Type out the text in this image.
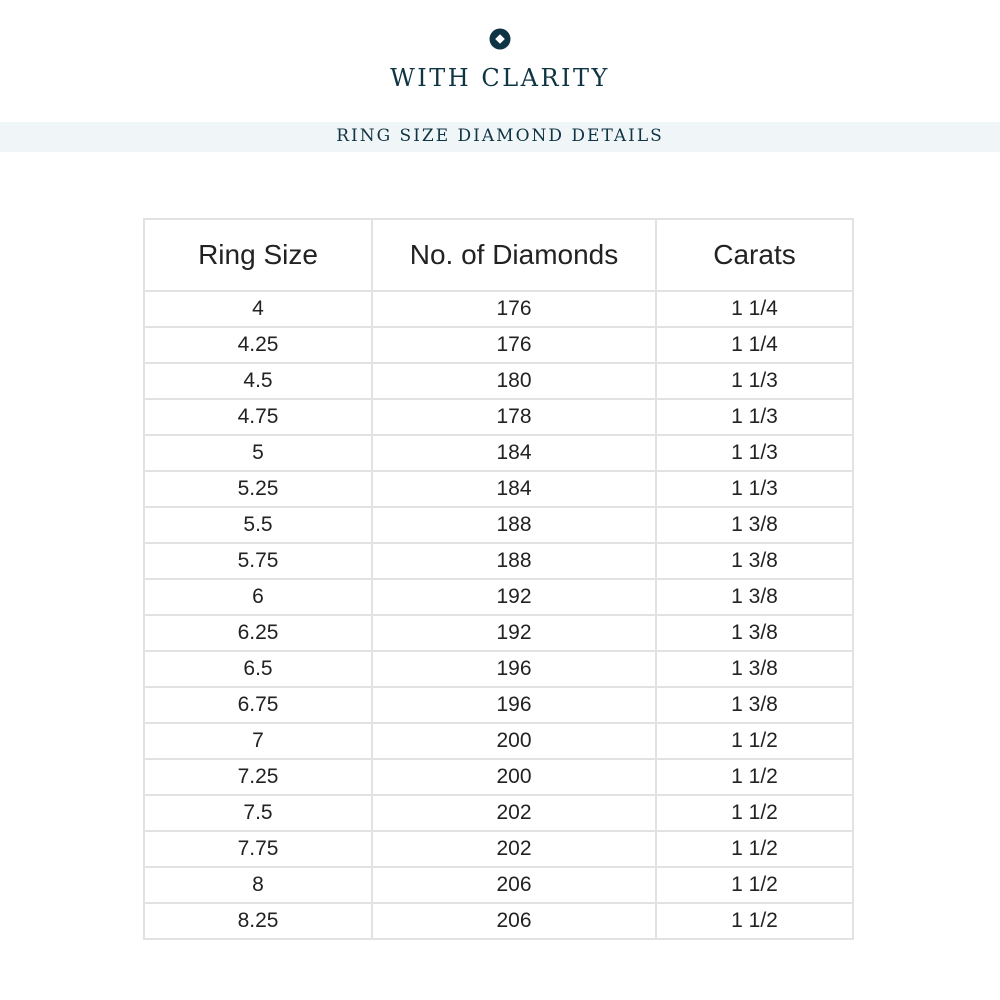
WITH CLARITY
RING SIZE DIAMOND DETAILS
Ring Size	No. of Diamonds	Carats
4	176	1 1/4
4.25	176	1 1/4
4.5	180	1 1/3
4.75	178	1 1/3
5	184	1 1/3
5.25	184	1 1/3
5.5	188	1 3/8
5.75	188	1 3/8
6	192	1 3/8
6.25	192	1 3/8
6.5	196	1 3/8
6.75	196	1 3/8
7	200	1 1/2
7.25	200	1 1/2
7.5	202	1 1/2
7.75	202	1 1/2
8	206	1 1/2
8.25	206	1 1/2
